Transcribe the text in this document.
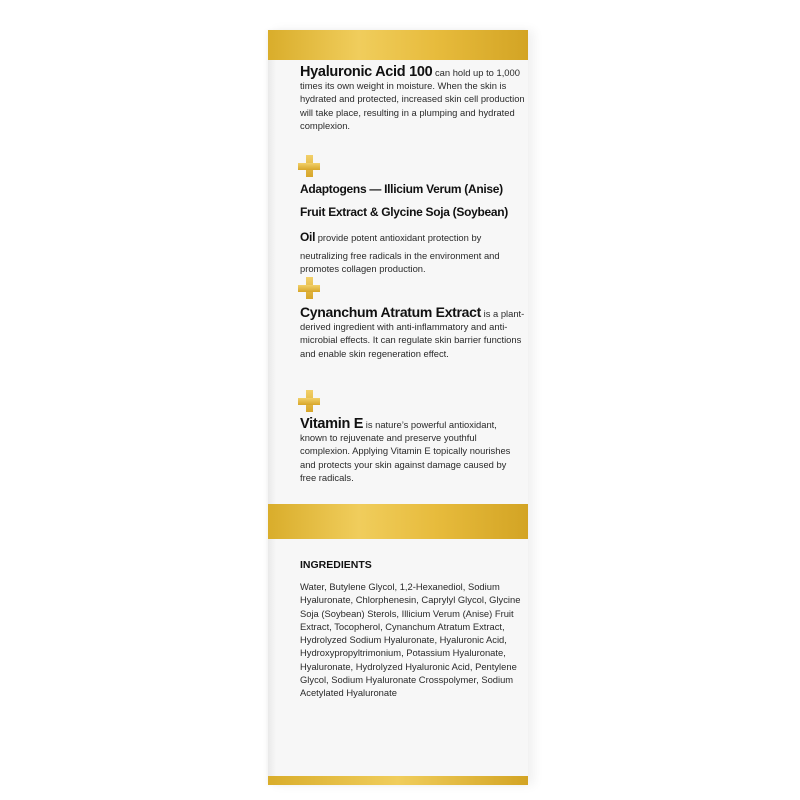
Hyaluronic Acid 100 can hold up to 1,000 times its own weight in moisture. When the skin is hydrated and protected, increased skin cell production will take place, resulting in a plumping and hydrated complexion.
Adaptogens — Illicium Verum (Anise)
Fruit Extract & Glycine Soja (Soybean)
Oil provide potent antioxidant protection by neutralizing free radicals in the environment and promotes collagen production.
Cynanchum Atratum Extract is a plant-derived ingredient with anti-inflammatory and anti-microbial effects. It can regulate skin barrier functions and enable skin regeneration effect.
Vitamin E is nature’s powerful antioxidant, known to rejuvenate and preserve youthful complexion. Applying Vitamin E topically nourishes and protects your skin against damage caused by free radicals.
INGREDIENTS
Water, Butylene Glycol, 1,2-Hexanediol, Sodium Hyaluronate, Chlorphenesin, Caprylyl Glycol, Glycine Soja (Soybean) Sterols, Illicium Verum (Anise) Fruit Extract, Tocopherol, Cynanchum Atratum Extract, Hydrolyzed Sodium Hyaluronate, Hyaluronic Acid, Hydroxypropyltrimonium, Potassium Hyaluronate, Hyaluronate, Hydrolyzed Hyaluronic Acid, Pentylene Glycol, Sodium Hyaluronate Crosspolymer, Sodium Acetylated Hyaluronate
